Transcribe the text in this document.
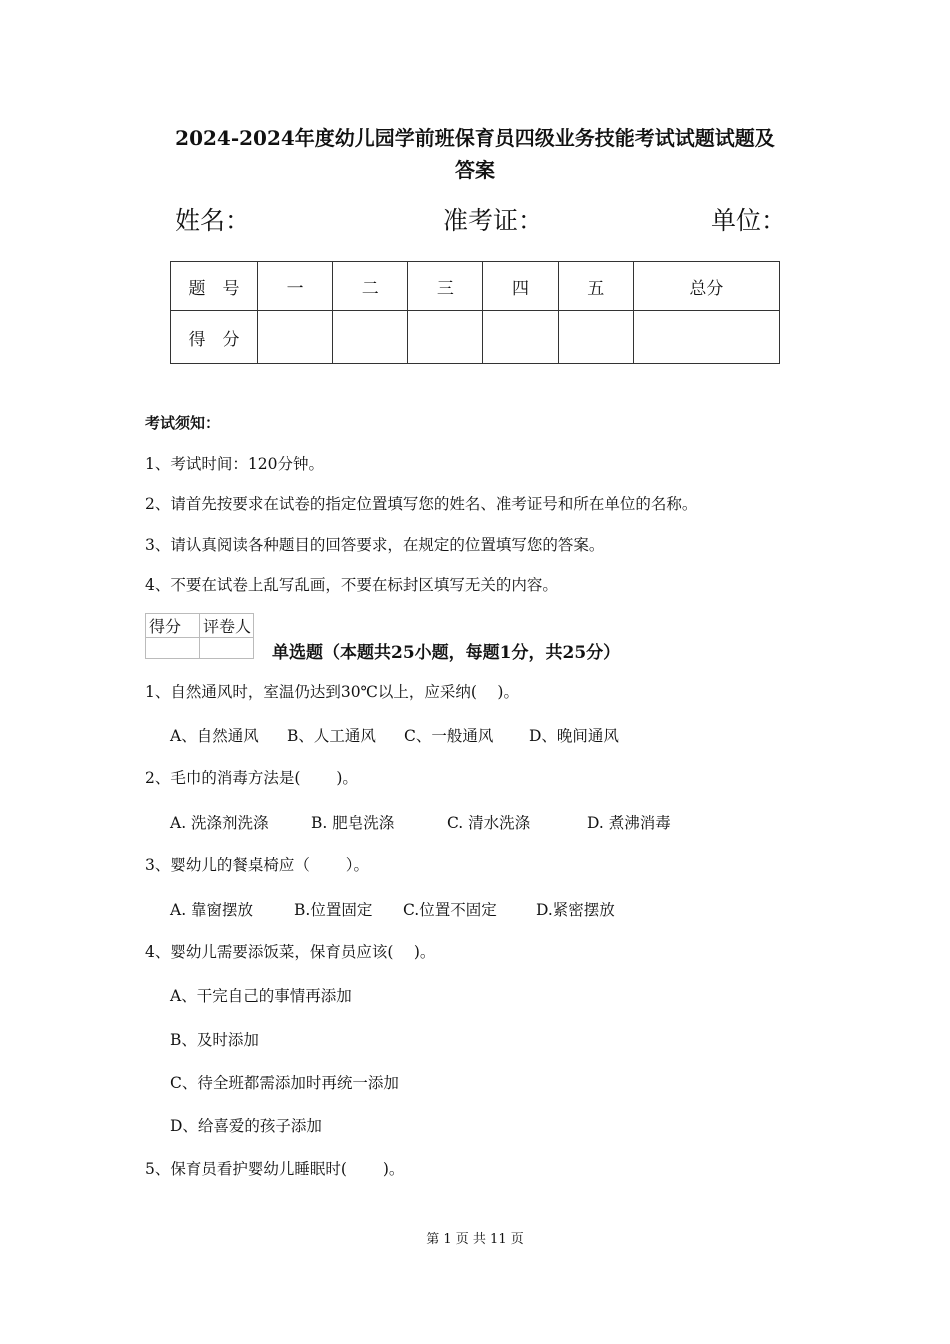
2024-2024年度幼儿园学前班保育员四级业务技能考试试题试题及
答案
姓名：	准考证：	单位：
题　号	一	二	三	四	五	总分
得　分						
考试须知：
1、考试时间：120分钟。
2、请首先按要求在试卷的指定位置填写您的姓名、准考证号和所在单位的名称。
3、请认真阅读各种题目的回答要求，在规定的位置填写您的答案。
4、不要在试卷上乱写乱画，不要在标封区填写无关的内容。
得分	评卷人

单选题（本题共25小题，每题1分，共25分）
1、自然通风时，室温仍达到30℃以上，应采纳(　 )。
A、自然通风 B、人工通风 C、一般通风 D、晚间通风
2、毛巾的消毒方法是(　　 )。
A. 洗涤剂洗涤	B. 肥皂洗涤	C. 清水洗涤	D. 煮沸消毒
3、婴幼儿的餐桌椅应（　　 ）。
A. 靠窗摆放	B.位置固定 C.位置不固定	D.紧密摆放
4、婴幼儿需要添饭菜，保育员应该(　 )。
A、干完自己的事情再添加
B、及时添加
C、待全班都需添加时再统一添加
D、给喜爱的孩子添加
5、保育员看护婴幼儿睡眠时(　　 )。
第 1 页 共 11 页
